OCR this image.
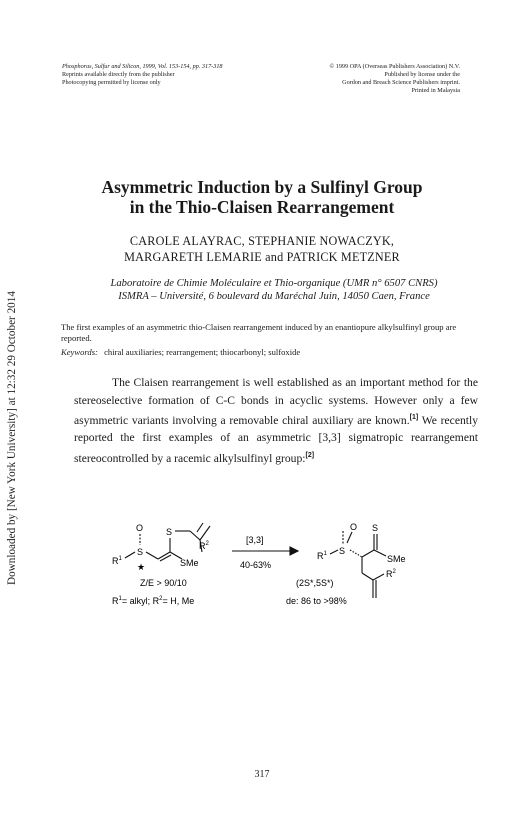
Phosphorus, Sulfur and Silicon, 1999, Vol. 153-154, pp. 317-318
Reprints available directly from the publisher
Photocopying permitted by license only
© 1999 OPA (Overseas Publishers Association) N.V.
Published by license under the
Gordon and Breach Science Publishers imprint.
Printed in Malaysia
Downloaded by [New York University] at 12:32 29 October 2014
Asymmetric Induction by a Sulfinyl Group
in the Thio-Claisen Rearrangement
CAROLE ALAYRAC, STEPHANIE NOWACZYK,
MARGARETH LEMARIE and PATRICK METZNER
Laboratoire de Chimie Moléculaire et Thio-organique (UMR n° 6507 CNRS)
ISMRA – Université, 6 boulevard du Maréchal Juin, 14050 Caen, France
The first examples of an asymmetric thio-Claisen rearrangement induced by an enantiopure alkylsulfinyl group are reported.
Keywords: chiral auxiliaries; rearrangement; thiocarbonyl; sulfoxide

The Claisen rearrangement is well established as an important method for the stereoselective formation of C-C bonds in acyclic systems. However only a few asymmetric variants involving a removable chiral auxiliary are known.[1] We recently reported the first examples of an asymmetric [3,3] sigmatropic rearrangement stereocontrolled by a racemic alkylsulfinyl group:[2]

O
$R^1$
S
★
S
$R^2$
SMe
Z/E > 90/10
$R^1=$ alkyl; $R^2= H$, Me
[3,3]
40-63%
O S
$R^1$ S
SMe
$R^2$
(2S*,5S*)
de: 86 to >98%
317
